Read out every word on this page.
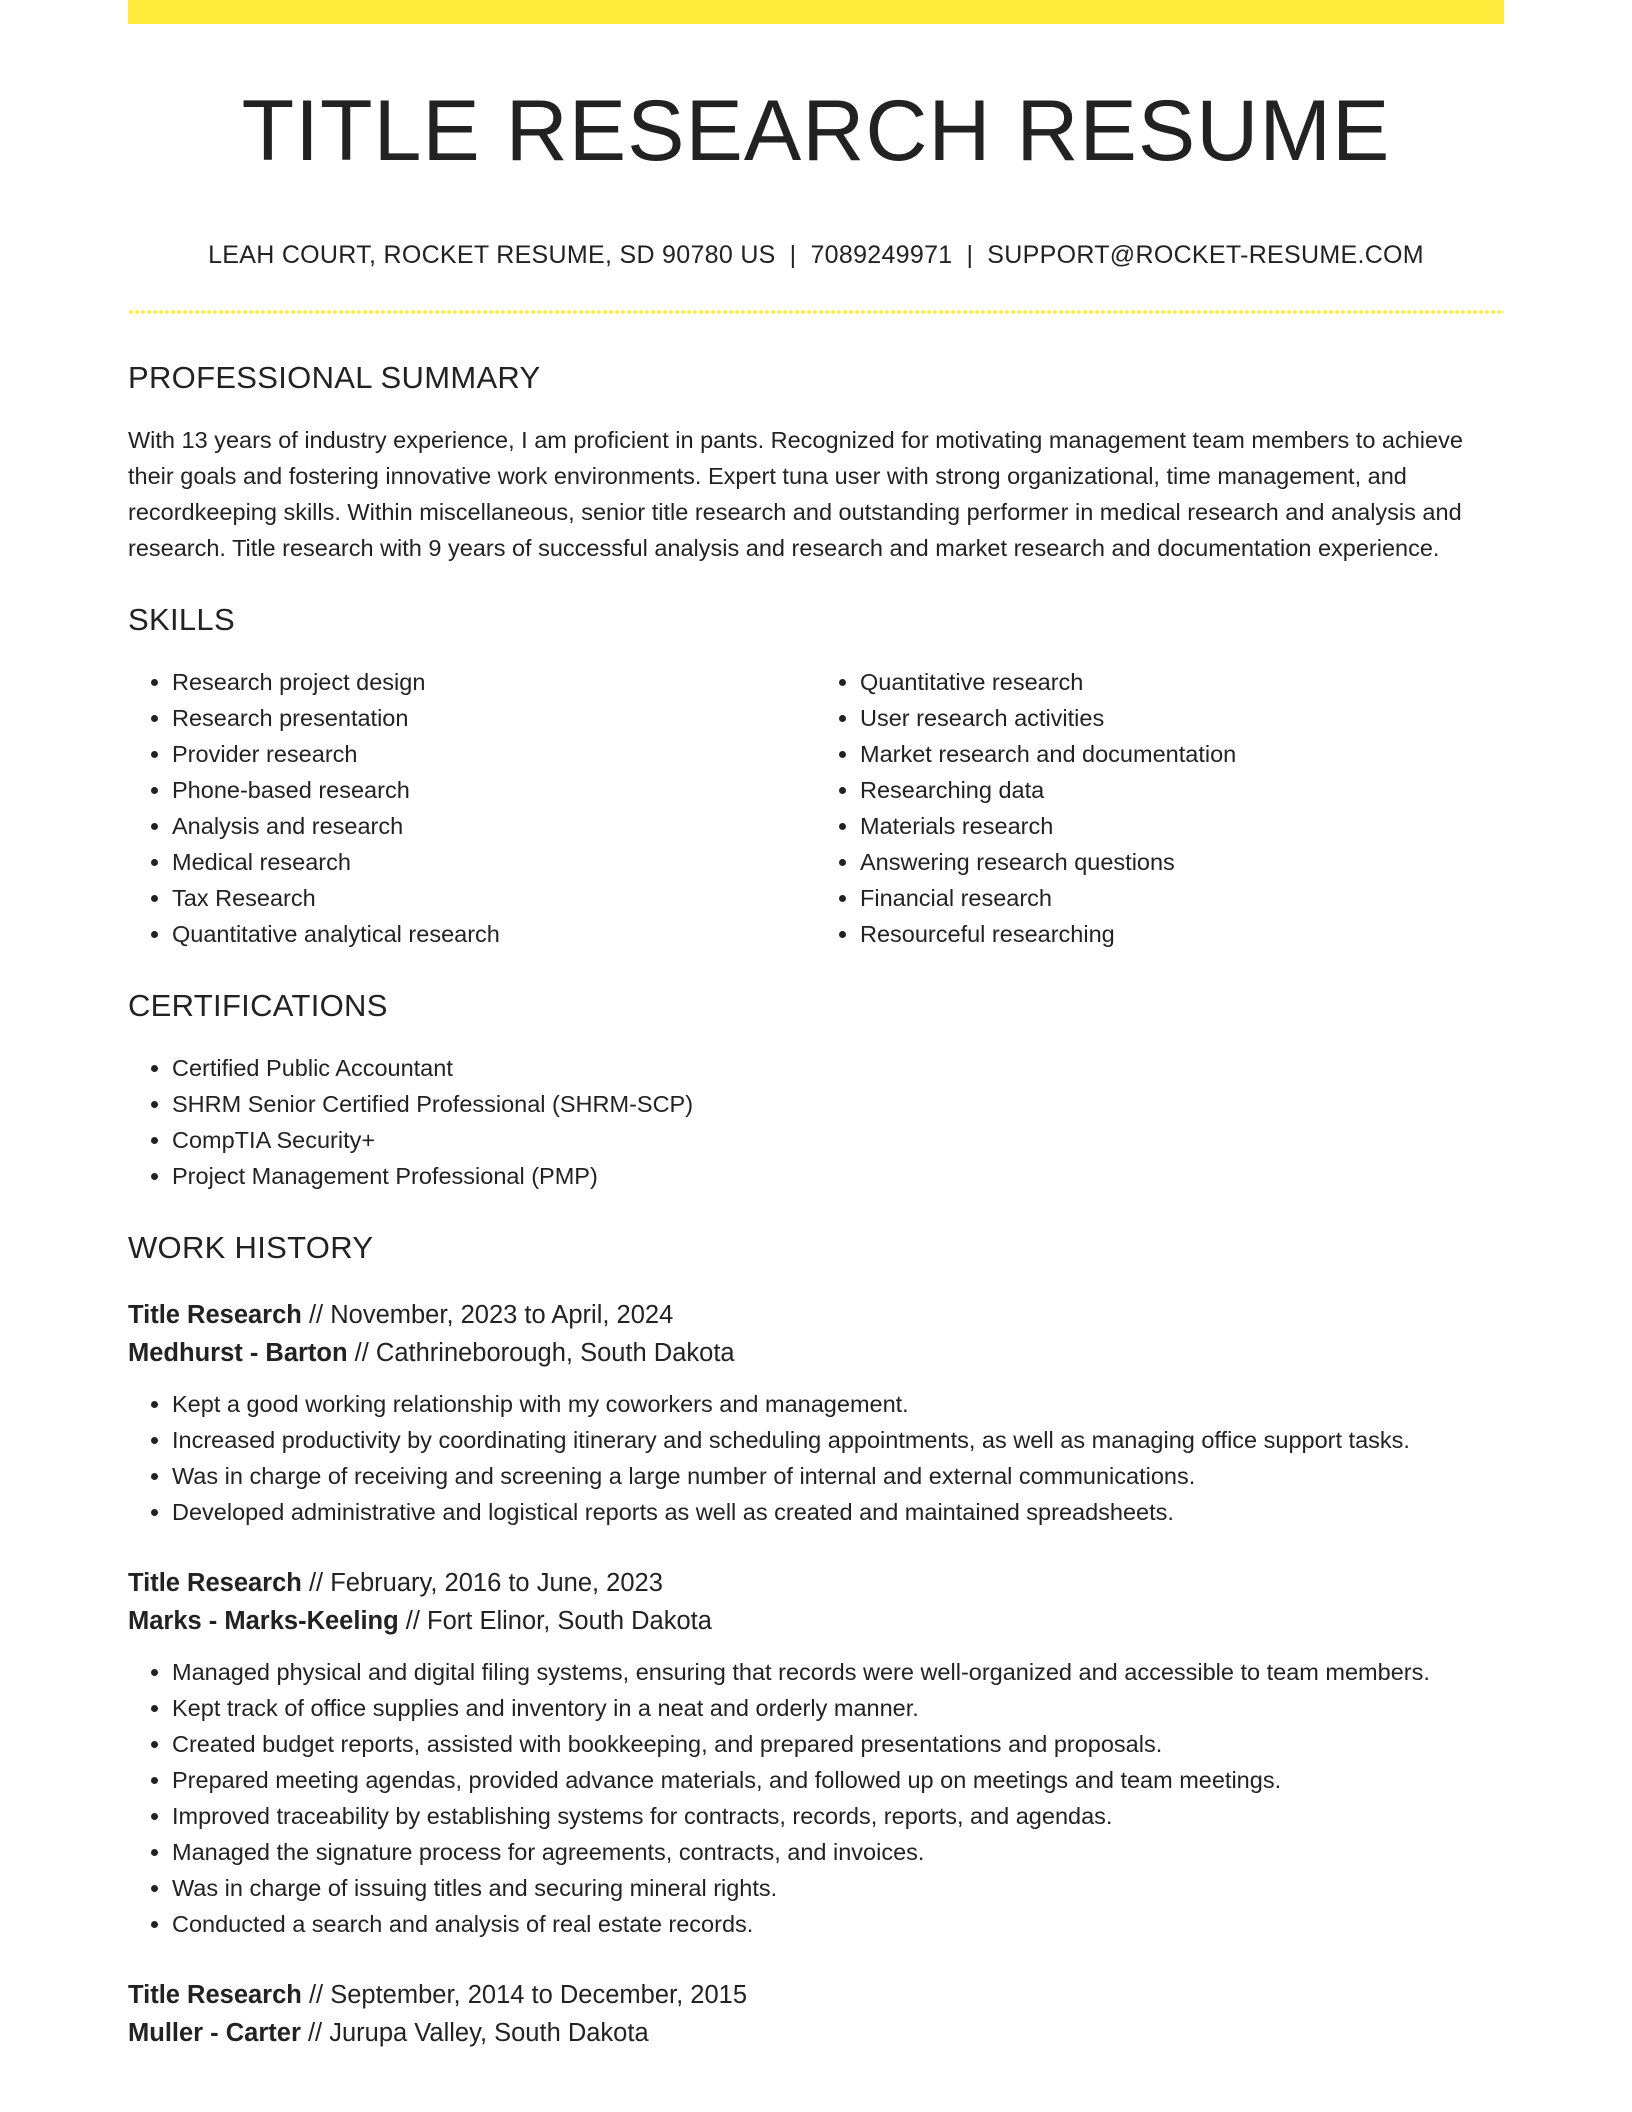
TITLE RESEARCH RESUME
LEAH COURT, ROCKET RESUME, SD 90780 US | 7089249971 | SUPPORT@ROCKET-RESUME.COM
PROFESSIONAL SUMMARY
With 13 years of industry experience, I am proficient in pants. Recognized for motivating management team members to achieve their goals and fostering innovative work environments. Expert tuna user with strong organizational, time management, and recordkeeping skills. Within miscellaneous, senior title research and outstanding performer in medical research and analysis and research. Title research with 9 years of successful analysis and research and market research and documentation experience.
SKILLS
• Research project design
• Research presentation
• Provider research
• Phone-based research
• Analysis and research
• Medical research
• Tax Research
• Quantitative analytical research
• Quantitative research
• User research activities
• Market research and documentation
• Researching data
• Materials research
• Answering research questions
• Financial research
• Resourceful researching
CERTIFICATIONS
• Certified Public Accountant
• SHRM Senior Certified Professional (SHRM-SCP)
• CompTIA Security+
• Project Management Professional (PMP)
WORK HISTORY
Title Research // November, 2023 to April, 2024
Medhurst - Barton // Cathrineborough, South Dakota
• Kept a good working relationship with my coworkers and management.
• Increased productivity by coordinating itinerary and scheduling appointments, as well as managing office support tasks.
• Was in charge of receiving and screening a large number of internal and external communications.
• Developed administrative and logistical reports as well as created and maintained spreadsheets.
Title Research // February, 2016 to June, 2023
Marks - Marks-Keeling // Fort Elinor, South Dakota
• Managed physical and digital filing systems, ensuring that records were well-organized and accessible to team members.
• Kept track of office supplies and inventory in a neat and orderly manner.
• Created budget reports, assisted with bookkeeping, and prepared presentations and proposals.
• Prepared meeting agendas, provided advance materials, and followed up on meetings and team meetings.
• Improved traceability by establishing systems for contracts, records, reports, and agendas.
• Managed the signature process for agreements, contracts, and invoices.
• Was in charge of issuing titles and securing mineral rights.
• Conducted a search and analysis of real estate records.
Title Research // September, 2014 to December, 2015
Muller - Carter // Jurupa Valley, South Dakota
